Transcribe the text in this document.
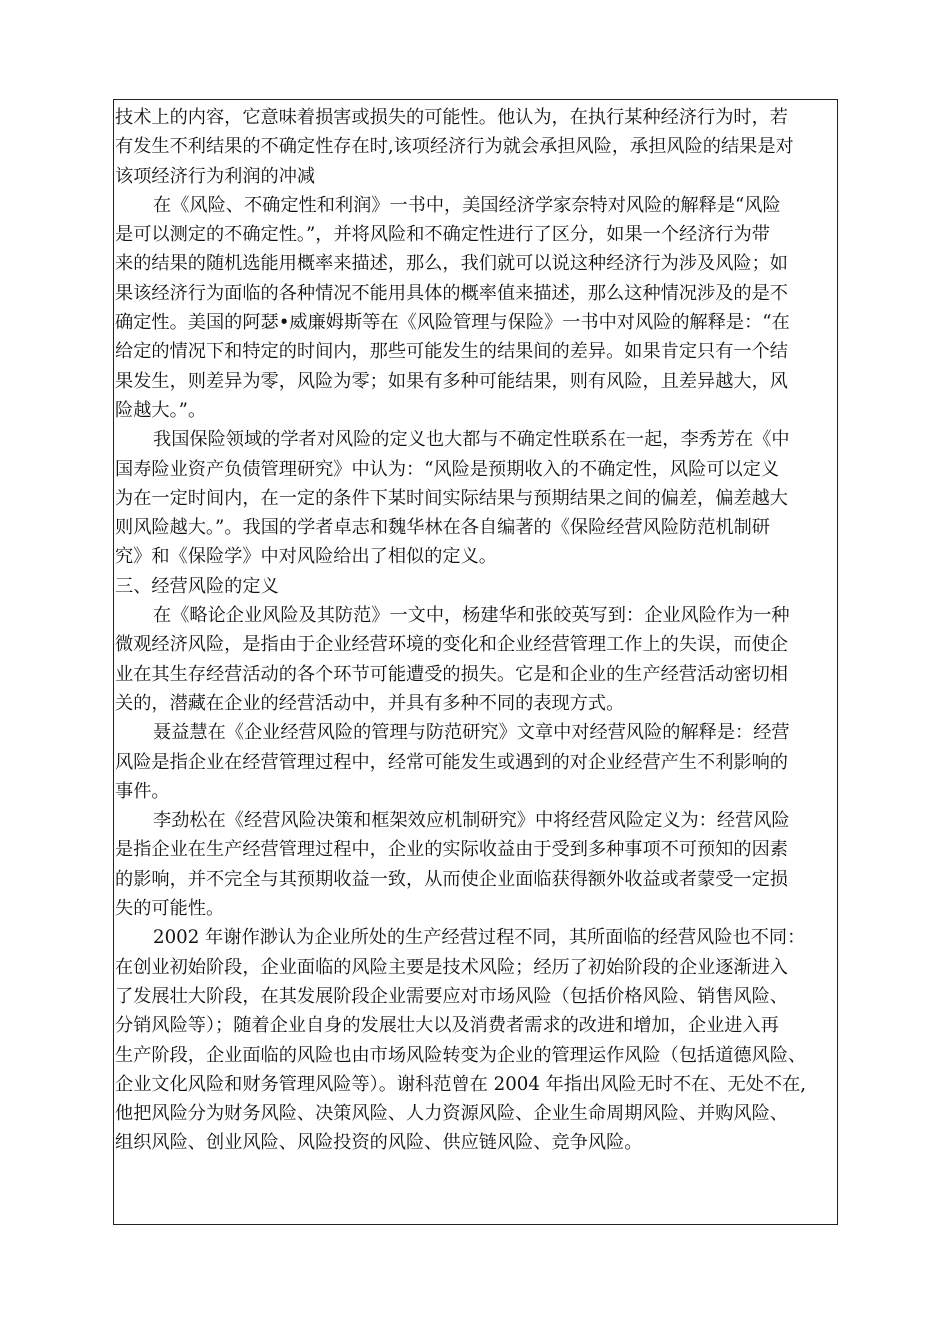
技术上的内容，它意味着损害或损失的可能性。他认为，在执行某种经济行为时，若
有发生不利结果的不确定性存在时,该项经济行为就会承担风险，承担风险的结果是对
该项经济行为利润的冲减
在《风险、不确定性和利润》一书中，美国经济学家奈特对风险的解释是“风险
是可以测定的不确定性。”，并将风险和不确定性进行了区分，如果一个经济行为带
来的结果的随机选能用概率来描述，那么，我们就可以说这种经济行为涉及风险；如
果该经济行为面临的各种情况不能用具体的概率值来描述，那么这种情况涉及的是不
确定性。美国的阿瑟•威廉姆斯等在《风险管理与保险》一书中对风险的解释是：“在
给定的情况下和特定的时间内，那些可能发生的结果间的差异。如果肯定只有一个结
果发生，则差异为零，风险为零；如果有多种可能结果，则有风险，且差异越大，风
险越大。”。
我国保险领域的学者对风险的定义也大都与不确定性联系在一起，李秀芳在《中
国寿险业资产负债管理研究》中认为：“风险是预期收入的不确定性，风险可以定义
为在一定时间内，在一定的条件下某时间实际结果与预期结果之间的偏差，偏差越大
则风险越大。”。我国的学者卓志和魏华林在各自编著的《保险经营风险防范机制研
究》和《保险学》中对风险给出了相似的定义。
三、经营风险的定义
在《略论企业风险及其防范》一文中，杨建华和张皎英写到：企业风险作为一种
微观经济风险，是指由于企业经营环境的变化和企业经营管理工作上的失误，而使企
业在其生存经营活动的各个环节可能遭受的损失。它是和企业的生产经营活动密切相
关的，潜藏在企业的经营活动中，并具有多种不同的表现方式。
聂益慧在《企业经营风险的管理与防范研究》文章中对经营风险的解释是：经营
风险是指企业在经营管理过程中，经常可能发生或遇到的对企业经营产生不利影响的
事件。
李劲松在《经营风险决策和框架效应机制研究》中将经营风险定义为：经营风险
是指企业在生产经营管理过程中，企业的实际收益由于受到多种事项不可预知的因素
的影响，并不完全与其预期收益一致，从而使企业面临获得额外收益或者蒙受一定损
失的可能性。
2002 年谢作渺认为企业所处的生产经营过程不同，其所面临的经营风险也不同：
在创业初始阶段，企业面临的风险主要是技术风险；经历了初始阶段的企业逐渐进入
了发展壮大阶段，在其发展阶段企业需要应对市场风险（包括价格风险、销售风险、
分销风险等）；随着企业自身的发展壮大以及消费者需求的改进和增加，企业进入再
生产阶段，企业面临的风险也由市场风险转变为企业的管理运作风险（包括道德风险、
企业文化风险和财务管理风险等）。谢科范曾在 2004 年指出风险无时不在、无处不在,
他把风险分为财务风险、决策风险、人力资源风险、企业生命周期风险、并购风险、
组织风险、创业风险、风险投资的风险、供应链风险、竞争风险。
